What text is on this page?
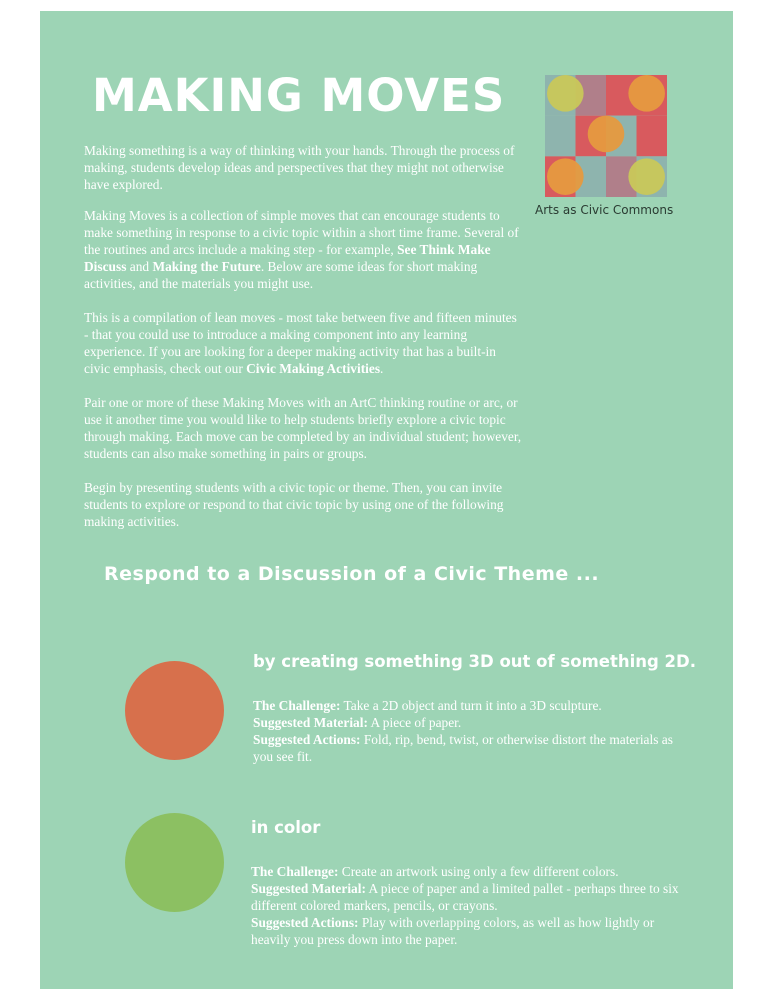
MAKING MOVES
Arts as Civic Commons

Making something is a way of thinking with your hands. Through the process of making, students develop ideas and perspectives that they might not otherwise have explored.

Making Moves is a collection of simple moves that can encourage students to make something in response to a civic topic within a short time frame. Several of the routines and arcs include a making step - for example, See Think Make Discuss and Making the Future. Below are some ideas for short making activities, and the materials you might use.

This is a compilation of lean moves - most take between five and fifteen minutes - that you could use to introduce a making component into any learning experience. If you are looking for a deeper making activity that has a built-in civic emphasis, check out our Civic Making Activities.

Pair one or more of these Making Moves with an ArtC thinking routine or arc, or use it another time you would like to help students briefly explore a civic topic through making. Each move can be completed by an individual student; however, students can also make something in pairs or groups.

Begin by presenting students with a civic topic or theme. Then, you can invite students to explore or respond to that civic topic by using one of the following making activities.

Respond to a Discussion of a Civic Theme ...
by creating something 3D out of something 2D.
The Challenge: Take a 2D object and turn it into a 3D sculpture.
Suggested Material: A piece of paper.
Suggested Actions: Fold, rip, bend, twist, or otherwise distort the materials as you see fit.
in color
The Challenge: Create an artwork using only a few different colors.
Suggested Material: A piece of paper and a limited pallet - perhaps three to six different colored markers, pencils, or crayons.
Suggested Actions: Play with overlapping colors, as well as how lightly or heavily you press down into the paper.
